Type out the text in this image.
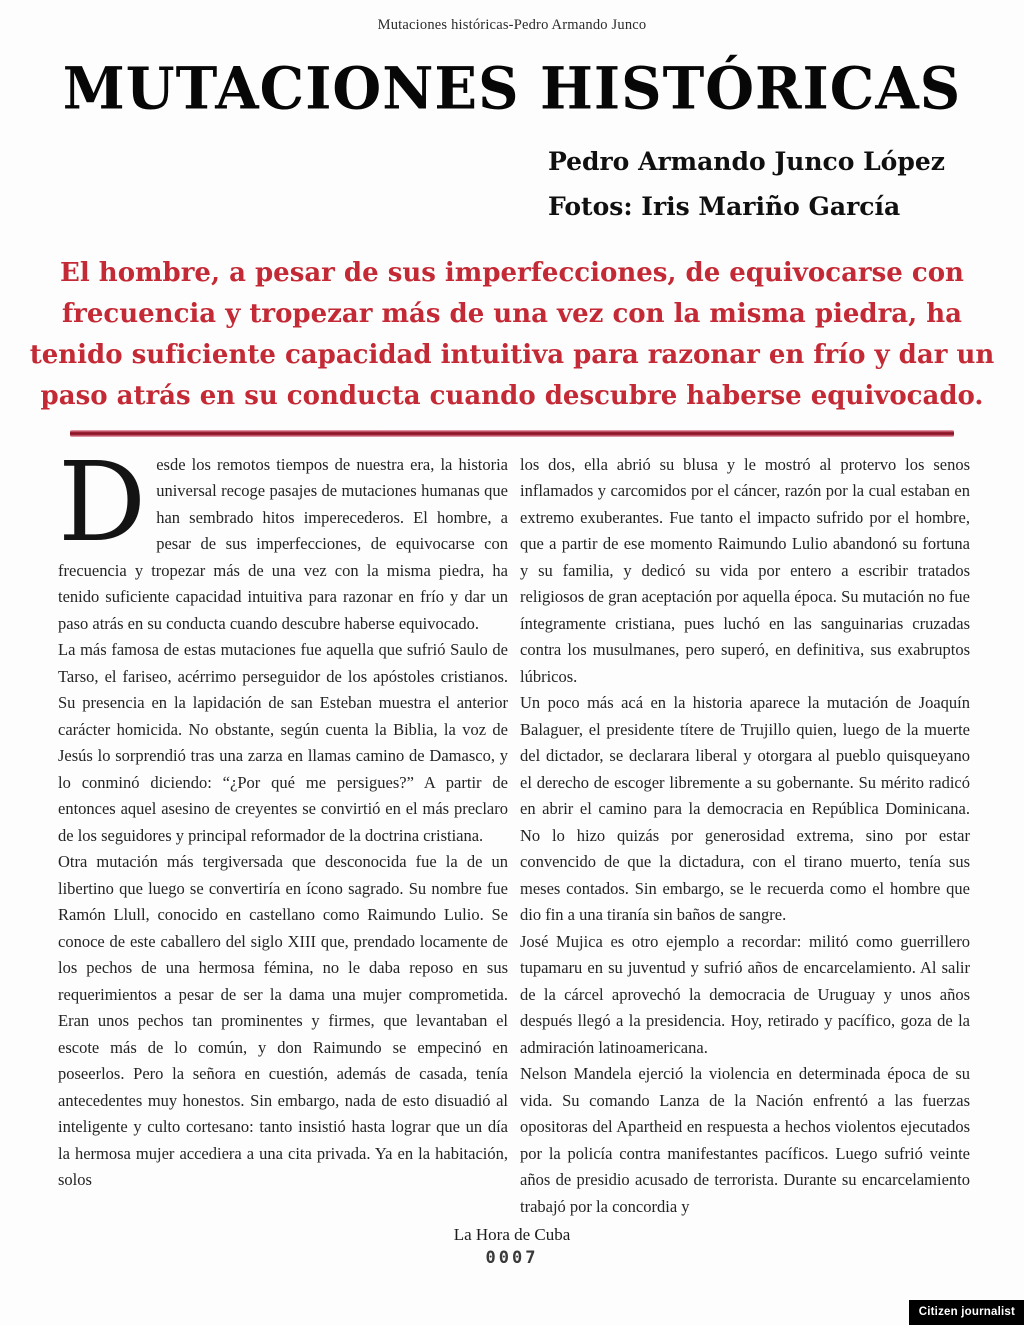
Mutaciones históricas-Pedro Armando Junco
MUTACIONES HISTÓRICAS
Pedro Armando Junco López
Fotos: Iris Mariño García
El hombre, a pesar de sus imperfecciones, de equivocarse con
frecuencia y tropezar más de una vez con la misma piedra, ha
tenido suficiente capacidad intuitiva para razonar en frío y dar un
paso atrás en su conducta cuando descubre haberse equivocado.

Desde los remotos tiempos de nuestra era, la historia universal recoge pasajes de mutaciones humanas que han sembrado hitos imperecederos. El hombre, a pesar de sus imperfecciones, de equivocarse con frecuencia y tropezar más de una vez con la misma piedra, ha tenido suficiente capacidad intuitiva para razonar en frío y dar un paso atrás en su conducta cuando descubre haberse equivocado.

La más famosa de estas mutaciones fue aquella que sufrió Saulo de Tarso, el fariseo, acérrimo perseguidor de los apóstoles cristianos. Su presencia en la lapidación de san Esteban muestra el anterior carácter homicida. No obstante, según cuenta la Biblia, la voz de Jesús lo sorprendió tras una zarza en llamas camino de Damasco, y lo conminó diciendo: “¿Por qué me persigues?” A partir de entonces aquel asesino de creyentes se convirtió en el más preclaro de los seguidores y principal reformador de la doctrina cristiana.

Otra mutación más tergiversada que desconocida fue la de un libertino que luego se convertiría en ícono sagrado. Su nombre fue Ramón Llull, conocido en castellano como Raimundo Lulio. Se conoce de este caballero del siglo XIII que, prendado locamente de los pechos de una hermosa fémina, no le daba reposo en sus requerimientos a pesar de ser la dama una mujer comprometida. Eran unos pechos tan prominentes y firmes, que levantaban el escote más de lo común, y don Raimundo se empecinó en poseerlos. Pero la señora en cuestión, además de casada, tenía antecedentes muy honestos. Sin embargo, nada de esto disuadió al inteligente y culto cortesano: tanto insistió hasta lograr que un día la hermosa mujer accediera a una cita privada. Ya en la habitación, solos

los dos, ella abrió su blusa y le mostró al protervo los senos inflamados y carcomidos por el cáncer, razón por la cual estaban en extremo exuberantes. Fue tanto el impacto sufrido por el hombre, que a partir de ese momento Raimundo Lulio abandonó su fortuna y su familia, y dedicó su vida por entero a escribir tratados religiosos de gran aceptación por aquella época. Su mutación no fue íntegramente cristiana, pues luchó en las sanguinarias cruzadas contra los musulmanes, pero superó, en definitiva, sus exabruptos lúbricos.

Un poco más acá en la historia aparece la mutación de Joaquín Balaguer, el presidente títere de Trujillo quien, luego de la muerte del dictador, se declarara liberal y otorgara al pueblo quisqueyano el derecho de escoger libremente a su gobernante. Su mérito radicó en abrir el camino para la democracia en República Dominicana. No lo hizo quizás por generosidad extrema, sino por estar convencido de que la dictadura, con el tirano muerto, tenía sus meses contados. Sin embargo, se le recuerda como el hombre que dio fin a una tiranía sin baños de sangre.

José Mujica es otro ejemplo a recordar: militó como guerrillero tupamaru en su juventud y sufrió años de encarcelamiento. Al salir de la cárcel aprovechó la democracia de Uruguay y unos años después llegó a la presidencia. Hoy, retirado y pacífico, goza de la admiración latinoamericana.

Nelson Mandela ejerció la violencia en determinada época de su vida. Su comando Lanza de la Nación enfrentó a las fuerzas opositoras del Apartheid en respuesta a hechos violentos ejecutados por la policía contra manifestantes pacíficos. Luego sufrió veinte años de presidio acusado de terrorista. Durante su encarcelamiento trabajó por la concordia y

La Hora de Cuba
0007
Citizen journalist
